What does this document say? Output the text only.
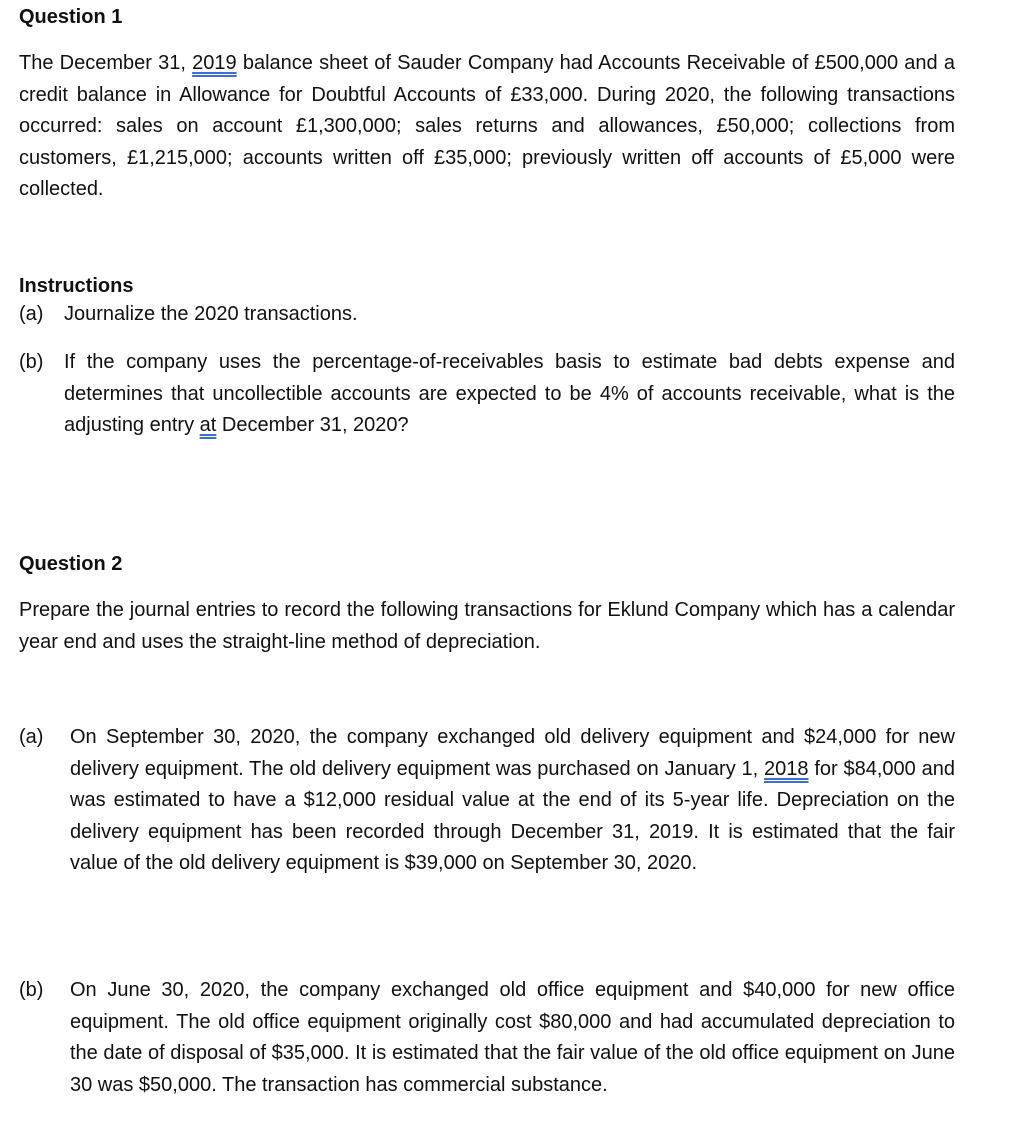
Question 1
The December 31, 2019 balance sheet of Sauder Company had Accounts Receivable of £500,000 and a credit balance in Allowance for Doubtful Accounts of £33,000. During 2020, the following transactions occurred: sales on account £1,300,000; sales returns and allowances, £50,000; collections from customers, £1,215,000; accounts written off £35,000; previously written off accounts of £5,000 were collected.
Instructions
(a)	Journalize the 2020 transactions.
(b)	If the company uses the percentage-of-receivables basis to estimate bad debts expense and determines that uncollectible accounts are expected to be 4% of accounts receivable, what is the adjusting entry at December 31, 2020?
Question 2
Prepare the journal entries to record the following transactions for Eklund Company which has a calendar year end and uses the straight-line method of depreciation.
(a)	On September 30, 2020, the company exchanged old delivery equipment and $24,000 for new delivery equipment. The old delivery equipment was purchased on January 1, 2018 for $84,000 and was estimated to have a $12,000 residual value at the end of its 5-year life. Depreciation on the delivery equipment has been recorded through December 31, 2019. It is estimated that the fair value of the old delivery equipment is $39,000 on September 30, 2020.
(b)	On June 30, 2020, the company exchanged old office equipment and $40,000 for new office equipment. The old office equipment originally cost $80,000 and had accumulated depreciation to the date of disposal of $35,000. It is estimated that the fair value of the old office equipment on June 30 was $50,000. The transaction has commercial substance.
